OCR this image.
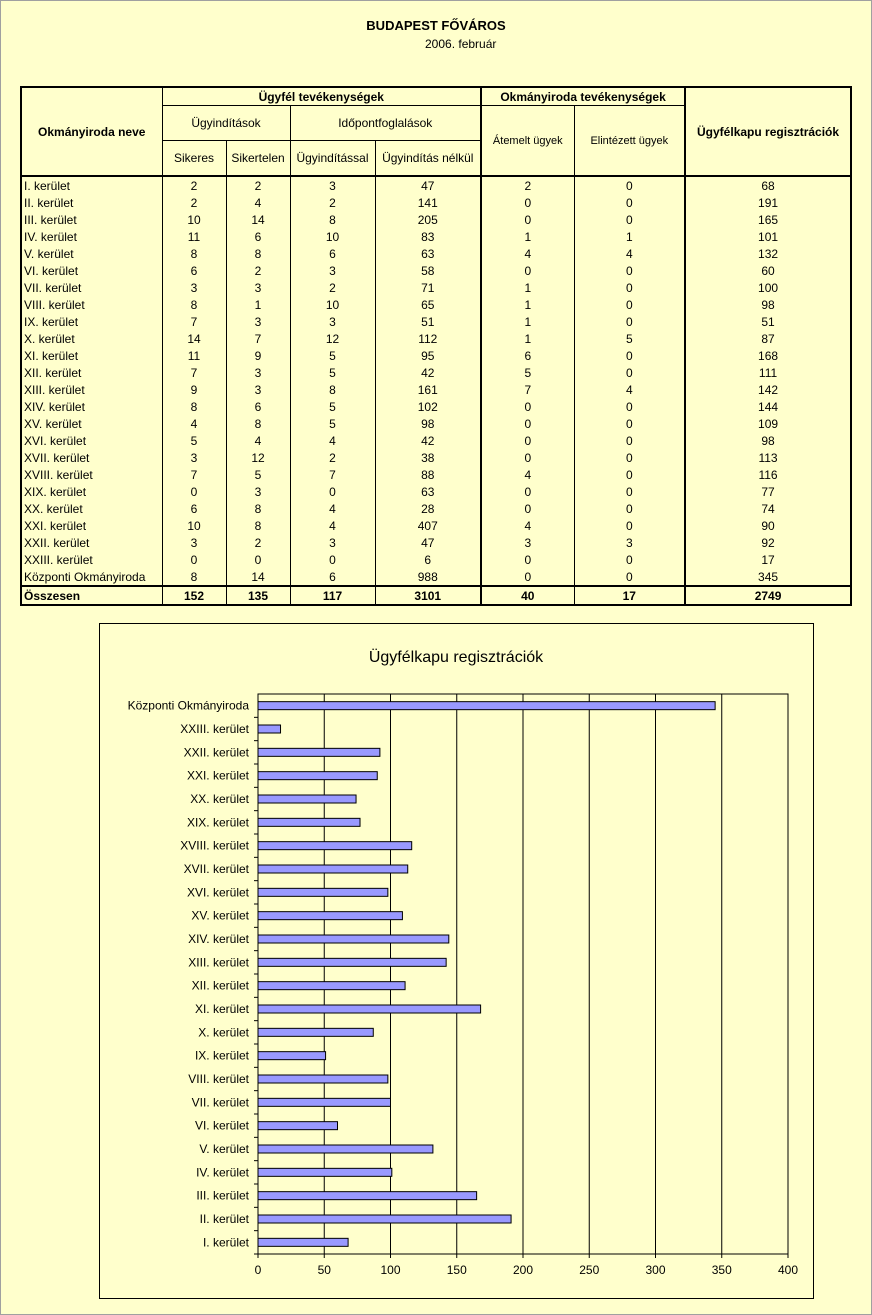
BUDAPEST FŐVÁROS
2006. február
Okmányiroda neve	Ügyfél tevékenységek				Okmányiroda tevékenységek		Ügyfélkapu regisztrációk
	Ügyindítások		Időpontfoglalások		Átemelt ügyek	Elintézett ügyek	
	Sikeres	Sikertelen	Ügyindítással	Ügyindítás nélkül			
I. kerület	2	2	3	47	2	0	68
II. kerület	2	4	2	141	0	0	191
III. kerület	10	14	8	205	0	0	165
IV. kerület	11	6	10	83	1	1	101
V. kerület	8	8	6	63	4	4	132
VI. kerület	6	2	3	58	0	0	60
VII. kerület	3	3	2	71	1	0	100
VIII. kerület	8	1	10	65	1	0	98
IX. kerület	7	3	3	51	1	0	51
X. kerület	14	7	12	112	1	5	87
XI. kerület	11	9	5	95	6	0	168
XII. kerület	7	3	5	42	5	0	111
XIII. kerület	9	3	8	161	7	4	142
XIV. kerület	8	6	5	102	0	0	144
XV. kerület	4	8	5	98	0	0	109
XVI. kerület	5	4	4	42	0	0	98
XVII. kerület	3	12	2	38	0	0	113
XVIII. kerület	7	5	7	88	4	0	116
XIX. kerület	0	3	0	63	0	0	77
XX. kerület	6	8	4	28	0	0	74
XXI. kerület	10	8	4	407	4	0	90
XXII. kerület	3	2	3	47	3	3	92
XXIII. kerület	0	0	0	6	0	0	17
Központi Okmányiroda	8	14	6	988	0	0	345
Összesen	152	135	117	3101	40	17	2749
Ügyfélkapu regisztrációk
I. kerület
II. kerület
III. kerület
IV. kerület
V. kerület
VI. kerület
VII. kerület
VIII. kerület
IX. kerület
X. kerület
XI. kerület
XII. kerület
XIII. kerület
XIV. kerület
XV. kerület
XVI. kerület
XVII. kerület
XVIII. kerület
XIX. kerület
XX. kerület
XXI. kerület
XXII. kerület
XXIII. kerület
Központi Okmányiroda
0	50	100	150	200	250	300	350	400
